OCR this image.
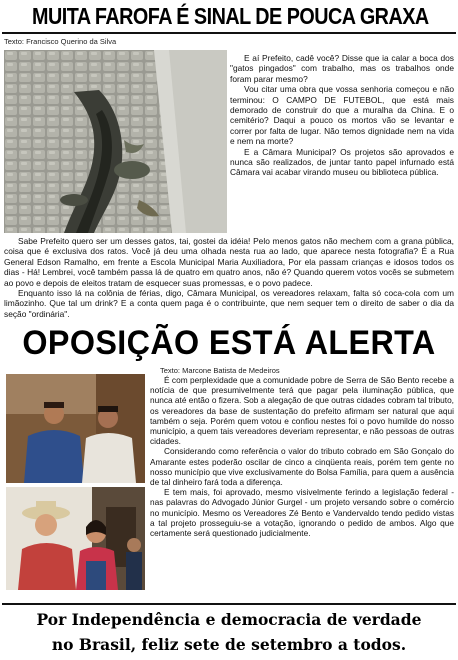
MUITA FAROFA É SINAL DE POUCA GRAXA
Texto: Francisco Querino da Silva

E aí Prefeito, cadê você? Disse que ia calar a boca dos "gatos pingados" com trabalho, mas os trabalhos onde foram parar mesmo?

Vou citar uma obra que vossa senhoria começou e não terminou: O CAMPO DE FUTEBOL, que está mais demorado de construir do que a muralha da China. E o cemitério? Daqui a pouco os mortos vão se levantar e correr por falta de lugar. Não temos dignidade nem na vida e nem na morte?

E a Câmara Municipal? Os projetos são aprovados e nunca são realizados, de juntar tanto papel infurnado está Câmara vai acabar virando museu ou biblioteca pública.

Sabe Prefeito quero ser um desses gatos, tai, gostei da idéia! Pelo menos gatos não mechem com a grana pública, coisa que é exclusiva dos ratos. Você já deu uma olhada nesta rua ao lado, que aparece nesta fotografia? É a Rua General Edson Ramalho, em frente a Escola Municipal Maria Auxiliadora, Por ela passam crianças e idosos todos os dias - Há! Lembrei, você também passa lá de quatro em quatro anos, não é? Quando querem votos vocês se submetem ao povo e depois de eleitos tratam de esquecer suas promessas, e o povo padece.

Enquanto isso lá na colônia de férias, digo, Câmara Municipal, os vereadores relaxam, falta só coca-cola com um limãozinho. Que tal um drink? E a conta quem paga é o contribuinte, que nem sequer tem o direito de saber o dia da seção "ordinária".

OPOSIÇÃO ESTÁ ALERTA
Texto: Marcone Batista de Medeiros

É com perplexidade que a comunidade pobre de Serra de São Bento recebe a notícia de que presumivelmente terá que pagar pela iluminação pública, que nunca até então o fizera. Sob a alegação de que outras cidades cobram tal tributo, os vereadores da base de sustentação do prefeito afirmam ser natural que aqui também o seja. Porém quem votou e confiou nestes foi o povo humilde do nosso município, a quem tais vereadores deveriam representar, e não pessoas de outras cidades.

Considerando como referência o valor do tributo cobrado em São Gonçalo do Amarante estes poderão oscilar de cinco a cinqüenta reais, porém tem gente no nosso município que vive exclusivamente do Bolsa Família, para quem a ausência de tal dinheiro fará toda a diferença.

E tem mais, foi aprovado, mesmo visivelmente ferindo a legislação federal - nas palavras do Advogado Júnior Gurgel - um projeto versando sobre o comércio no município. Mesmo os Vereadores Zé Bento e Vandervaldo tendo pedido vistas a tal projeto prosseguiu-se a votação, ignorando o pedido de ambos. Algo que certamente será questionado judicialmente.

Por Independência e democracia de verdade
no Brasil, feliz sete de setembro a todos.
